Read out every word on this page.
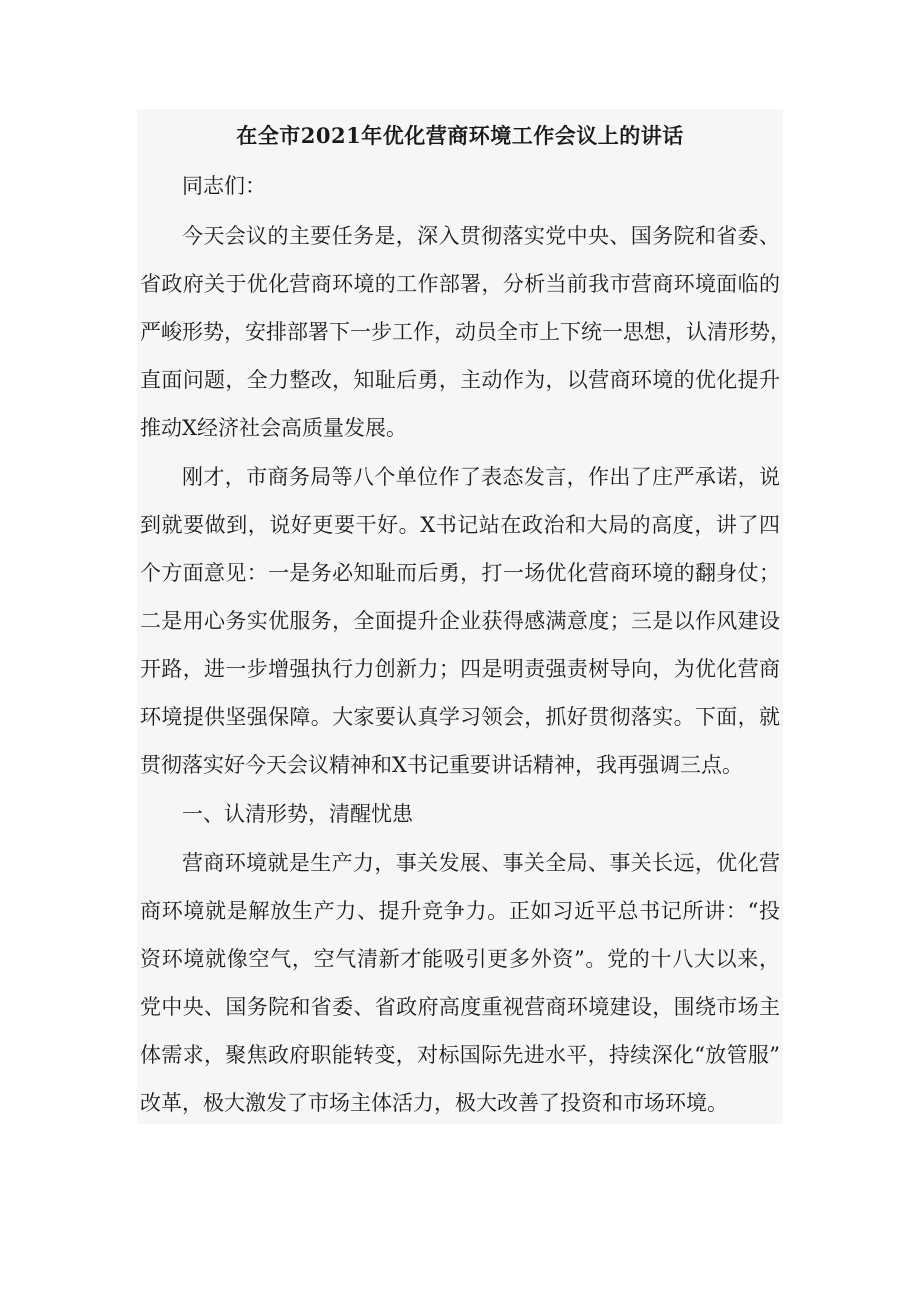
在全市2021年优化营商环境工作会议上的讲话
同志们：
今天会议的主要任务是，深入贯彻落实党中央、国务院和省委、
省政府关于优化营商环境的工作部署，分析当前我市营商环境面临的
严峻形势，安排部署下一步工作，动员全市上下统一思想，认清形势，
直面问题，全力整改，知耻后勇，主动作为，以营商环境的优化提升
推动X经济社会高质量发展。
刚才，市商务局等八个单位作了表态发言，作出了庄严承诺，说
到就要做到，说好更要干好。X书记站在政治和大局的高度，讲了四
个方面意见：一是务必知耻而后勇，打一场优化营商环境的翻身仗；
二是用心务实优服务，全面提升企业获得感满意度；三是以作风建设
开路，进一步增强执行力创新力；四是明责强责树导向，为优化营商
环境提供坚强保障。大家要认真学习领会，抓好贯彻落实。下面，就
贯彻落实好今天会议精神和X书记重要讲话精神，我再强调三点。
一、认清形势，清醒忧患
营商环境就是生产力，事关发展、事关全局、事关长远，优化营
商环境就是解放生产力、提升竞争力。正如习近平总书记所讲：“投
资环境就像空气，空气清新才能吸引更多外资”。党的十八大以来，
党中央、国务院和省委、省政府高度重视营商环境建设，围绕市场主
体需求，聚焦政府职能转变，对标国际先进水平，持续深化“放管服”
改革，极大激发了市场主体活力，极大改善了投资和市场环境。
